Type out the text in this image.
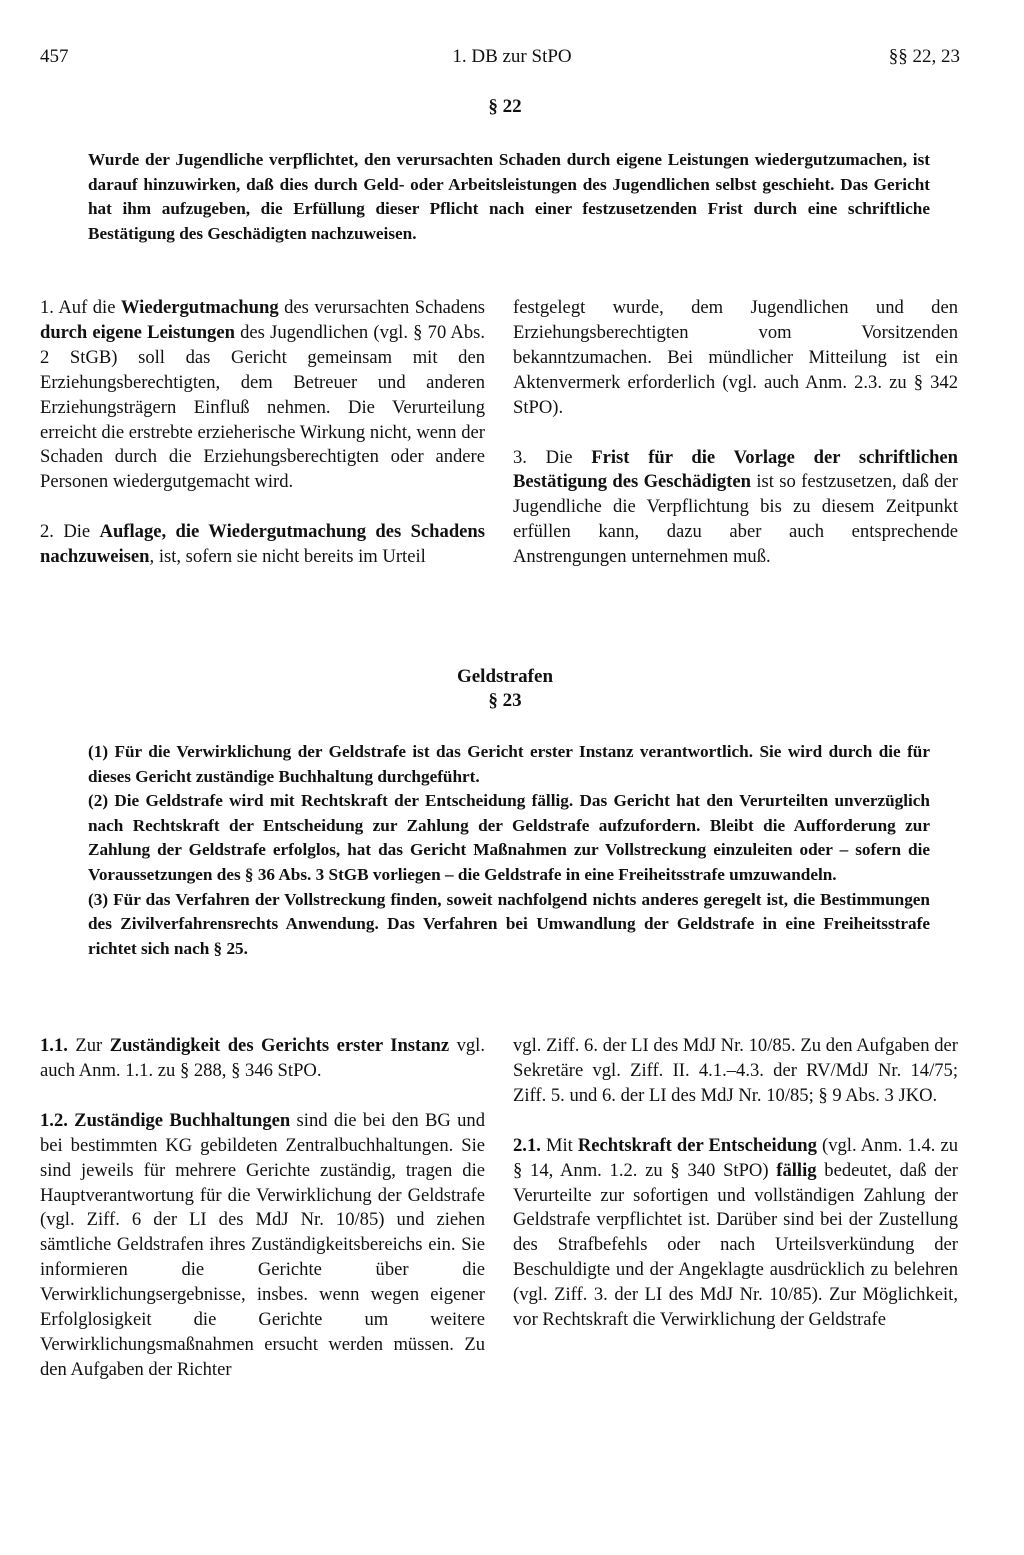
457	1. DB zur StPO	§§ 22, 23
§ 22

Wurde der Jugendliche verpflichtet, den verursachten Schaden durch eigene Leistungen wiedergutzumachen, ist darauf hinzuwirken, daß dies durch Geld- oder Arbeitsleistungen des Jugendlichen selbst geschieht. Das Gericht hat ihm aufzugeben, die Erfüllung dieser Pflicht nach einer festzusetzenden Frist durch eine schriftliche Bestätigung des Geschädigten nachzuweisen.

1. Auf die Wiedergutmachung des verursachten Schadens durch eigene Leistungen des Jugendlichen (vgl. § 70 Abs. 2 StGB) soll das Gericht gemeinsam mit den Erziehungsberechtigten, dem Betreuer und anderen Erziehungsträgern Einfluß nehmen. Die Verurteilung erreicht die erstrebte erzieherische Wirkung nicht, wenn der Schaden durch die Erziehungsberechtigten oder andere Personen wiedergutgemacht wird.

2. Die Auflage, die Wiedergutmachung des Schadens nachzuweisen, ist, sofern sie nicht bereits im Urteil

festgelegt wurde, dem Jugendlichen und den Erziehungsberechtigten vom Vorsitzenden bekanntzumachen. Bei mündlicher Mitteilung ist ein Aktenvermerk erforderlich (vgl. auch Anm. 2.3. zu § 342 StPO).

3. Die Frist für die Vorlage der schriftlichen Bestätigung des Geschädigten ist so festzusetzen, daß der Jugendliche die Verpflichtung bis zu diesem Zeitpunkt erfüllen kann, dazu aber auch entsprechende Anstrengungen unternehmen muß.

Geldstrafen
§ 23

(1) Für die Verwirklichung der Geldstrafe ist das Gericht erster Instanz verantwortlich. Sie wird durch die für dieses Gericht zuständige Buchhaltung durchgeführt.

(2) Die Geldstrafe wird mit Rechtskraft der Entscheidung fällig. Das Gericht hat den Verurteilten unverzüglich nach Rechtskraft der Entscheidung zur Zahlung der Geldstrafe aufzufordern. Bleibt die Aufforderung zur Zahlung der Geldstrafe erfolglos, hat das Gericht Maßnahmen zur Vollstreckung einzuleiten oder – sofern die Voraussetzungen des § 36 Abs. 3 StGB vorliegen – die Geldstrafe in eine Freiheitsstrafe umzuwandeln.

(3) Für das Verfahren der Vollstreckung finden, soweit nachfolgend nichts anderes geregelt ist, die Bestimmungen des Zivilverfahrensrechts Anwendung. Das Verfahren bei Umwandlung der Geldstrafe in eine Freiheitsstrafe richtet sich nach § 25.

1.1. Zur Zuständigkeit des Gerichts erster Instanz vgl. auch Anm. 1.1. zu § 288, § 346 StPO.

1.2. Zuständige Buchhaltungen sind die bei den BG und bei bestimmten KG gebildeten Zentralbuchhaltungen. Sie sind jeweils für mehrere Gerichte zuständig, tragen die Hauptverantwortung für die Verwirklichung der Geldstrafe (vgl. Ziff. 6 der LI des MdJ Nr. 10/85) und ziehen sämtliche Geldstrafen ihres Zuständigkeitsbereichs ein. Sie informieren die Gerichte über die Verwirklichungsergebnisse, insbes. wenn wegen eigener Erfolglosigkeit die Gerichte um weitere Verwirklichungsmaßnahmen ersucht werden müssen. Zu den Aufgaben der Richter

vgl. Ziff. 6. der LI des MdJ Nr. 10/85. Zu den Aufgaben der Sekretäre vgl. Ziff. II. 4.1.–4.3. der RV/MdJ Nr. 14/75; Ziff. 5. und 6. der LI des MdJ Nr. 10/85; § 9 Abs. 3 JKO.

2.1. Mit Rechtskraft der Entscheidung (vgl. Anm. 1.4. zu § 14, Anm. 1.2. zu § 340 StPO) fällig bedeutet, daß der Verurteilte zur sofortigen und vollständigen Zahlung der Geldstrafe verpflichtet ist. Darüber sind bei der Zustellung des Strafbefehls oder nach Urteilsverkündung der Beschuldigte und der Angeklagte ausdrücklich zu belehren (vgl. Ziff. 3. der LI des MdJ Nr. 10/85). Zur Möglichkeit, vor Rechtskraft die Verwirklichung der Geldstrafe
